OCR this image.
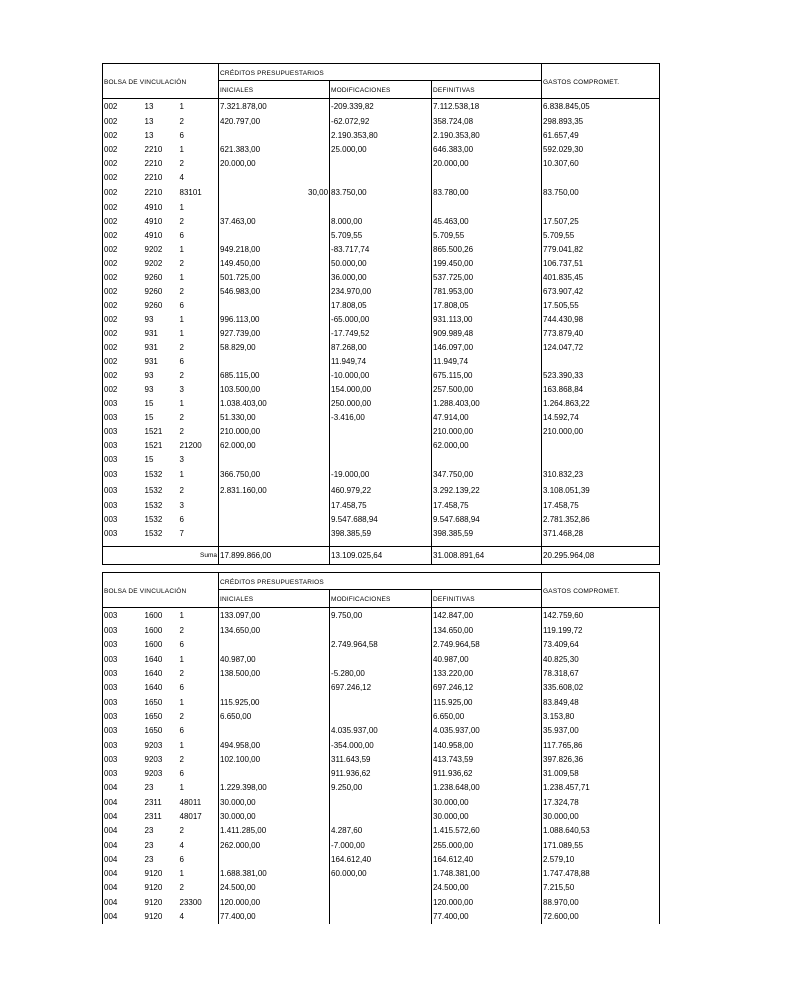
BOLSA DE VINCULACIÓN			CRÉDITOS PRESUPUESTARIOS			GASTOS COMPROMET.
			INICIALES	MODIFICACIONES	DEFINITIVAS	
002	13	1	7.321.878,00	-209.339,82	7.112.538,18	6.838.845,05
002	13	2	420.797,00	-62.072,92	358.724,08	298.893,35
002	13	6		2.190.353,80	2.190.353,80	61.657,49
002	2210	1	621.383,00	25.000,00	646.383,00	592.029,30
002	2210	2	20.000,00		20.000,00	10.307,60
002	2210	4				
002	2210	83101	30,00	83.750,00	83.780,00	83.750,00
002	4910	1				
002	4910	2	37.463,00	8.000,00	45.463,00	17.507,25
002	4910	6		5.709,55	5.709,55	5.709,55
002	9202	1	949.218,00	-83.717,74	865.500,26	779.041,82
002	9202	2	149.450,00	50.000,00	199.450,00	106.737,51
002	9260	1	501.725,00	36.000,00	537.725,00	401.835,45
002	9260	2	546.983,00	234.970,00	781.953,00	673.907,42
002	9260	6		17.808,05	17.808,05	17.505,55
002	93	1	996.113,00	-65.000,00	931.113,00	744.430,98
002	931	1	927.739,00	-17.749,52	909.989,48	773.879,40
002	931	2	58.829,00	87.268,00	146.097,00	124.047,72
002	931	6		11.949,74	11.949,74	
002	93	2	685.115,00	-10.000,00	675.115,00	523.390,33
002	93	3	103.500,00	154.000,00	257.500,00	163.868,84
003	15	1	1.038.403,00	250.000,00	1.288.403,00	1.264.863,22
003	15	2	51.330,00	-3.416,00	47.914,00	14.592,74
003	1521	2	210.000,00		210.000,00	210.000,00
003	1521	21200	62.000,00		62.000,00	
003	15	3				
003	1532	1	366.750,00	-19.000,00	347.750,00	310.832,23
003	1532	2	2.831.160,00	460.979,22	3.292.139,22	3.108.051,39
003	1532	3		17.458,75	17.458,75	17.458,75
003	1532	6		9.547.688,94	9.547.688,94	2.781.352,86
003	1532	7		398.385,59	398.385,59	371.468,28

Suma			17.899.866,00	13.109.025,64	31.008.891,64	20.295.964,08
BOLSA DE VINCULACIÓN			CRÉDITOS PRESUPUESTARIOS			GASTOS COMPROMET.
			INICIALES	MODIFICACIONES	DEFINITIVAS	
003	1600	1	133.097,00	9.750,00	142.847,00	142.759,60
003	1600	2	134.650,00		134.650,00	119.199,72
003	1600	6		2.749.964,58	2.749.964,58	73.409,64
003	1640	1	40.987,00		40.987,00	40.825,30
003	1640	2	138.500,00	-5.280,00	133.220,00	78.318,67
003	1640	6		697.246,12	697.246,12	335.608,02
003	1650	1	115.925,00		115.925,00	83.849,48
003	1650	2	6.650,00		6.650,00	3.153,80
003	1650	6		4.035.937,00	4.035.937,00	35.937,00
003	9203	1	494.958,00	-354.000,00	140.958,00	117.765,86
003	9203	2	102.100,00	311.643,59	413.743,59	397.826,36
003	9203	6		911.936,62	911.936,62	31.009,58
004	23	1	1.229.398,00	9.250,00	1.238.648,00	1.238.457,71
004	2311	48011	30.000,00		30.000,00	17.324,78
004	2311	48017	30.000,00		30.000,00	30.000,00
004	23	2	1.411.285,00	4.287,60	1.415.572,60	1.088.640,53
004	23	4	262.000,00	-7.000,00	255.000,00	171.089,55
004	23	6		164.612,40	164.612,40	2.579,10
004	9120	1	1.688.381,00	60.000,00	1.748.381,00	1.747.478,88
004	9120	2	24.500,00		24.500,00	7.215,50
004	9120	23300	120.000,00		120.000,00	88.970,00
004	9120	4	77.400,00		77.400,00	72.600,00
